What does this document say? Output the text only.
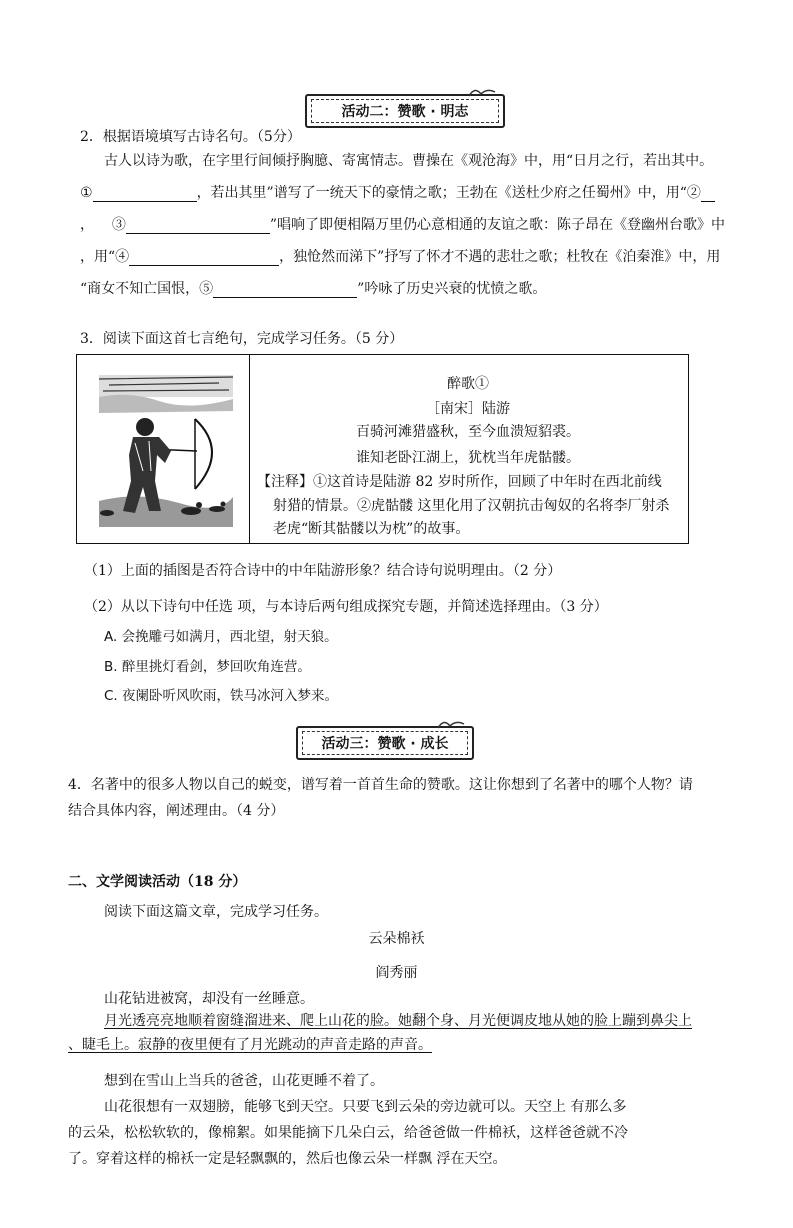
活动二：赞歌 · 明志
2．根据语境填写古诗名句。（5分）
古人以诗为歌，在字里行间倾抒胸臆、寄寓情志。曹操在《观沧海》中，用“日月之行，若出其中。
①	，若出其里”谱写了一统天下的豪情之歌；王勃在《送杜少府之任蜀州》中，用“②
， ③	”唱响了即便相隔万里仍心意相通的友谊之歌：陈子昂在《登幽州台歌》中
，用“④	，独怆然而涕下”抒写了怀才不遇的悲壮之歌；杜牧在《泊秦淮》中，用
“商女不知亡国恨，⑤	”吟咏了历史兴衰的忧愤之歌。
3．阅读下面这首七言绝句，完成学习任务。（5 分）
醉歌①
［南宋］陆游
百骑河滩猎盛秋，至今血溃短貂裘。
谁知老卧江湖上，犹枕当年虎骷髅。
【注释】①这首诗是陆游 82 岁时所作，回顾了中年时在西北前线
射猎的情景。②虎骷髅 这里化用了汉朝抗击匈奴的名将李厂射杀
老虎“断其骷髅以为枕”的故事。
（1）上面的插图是否符合诗中的中年陆游形象？结合诗句说明理由。（2 分）
（2）从以下诗句中任选 项，与本诗后两句组成探究专题，并简述选择理由。（3 分）
A. 会挽雕弓如满月，西北望，射天狼。
B. 醉里挑灯看剑，梦回吹角连营。
C. 夜阑卧听风吹雨，铁马冰河入梦来。
活动三：赞歌 · 成长
4．名著中的很多人物以自己的蜕变，谱写着一首首生命的赞歌。这让你想到了名著中的哪个人物？请
结合具体内容，阐述理由。（4 分）
二、文学阅读活动（18 分）
阅读下面这篇文章，完成学习任务。
云朵棉袄
阎秀丽
山花钻进被窝，却没有一丝睡意。
月光透亮亮地顺着窗缝溜进来、爬上山花的脸。她翻个身、月光便调皮地从她的脸上蹦到鼻尖上
、睫毛上。寂静的夜里便有了月光跳动的声音走路的声音。
想到在雪山上当兵的爸爸，山花更睡不着了。
山花很想有一双翅膀，能够飞到天空。只要飞到云朵的旁边就可以。天空上 有那么多
的云朵，松松软软的，像棉絮。如果能摘下几朵白云，给爸爸做一件棉袄，这样爸爸就不冷
了。穿着这样的棉袄一定是轻飘飘的，然后也像云朵一样飘 浮在天空。
